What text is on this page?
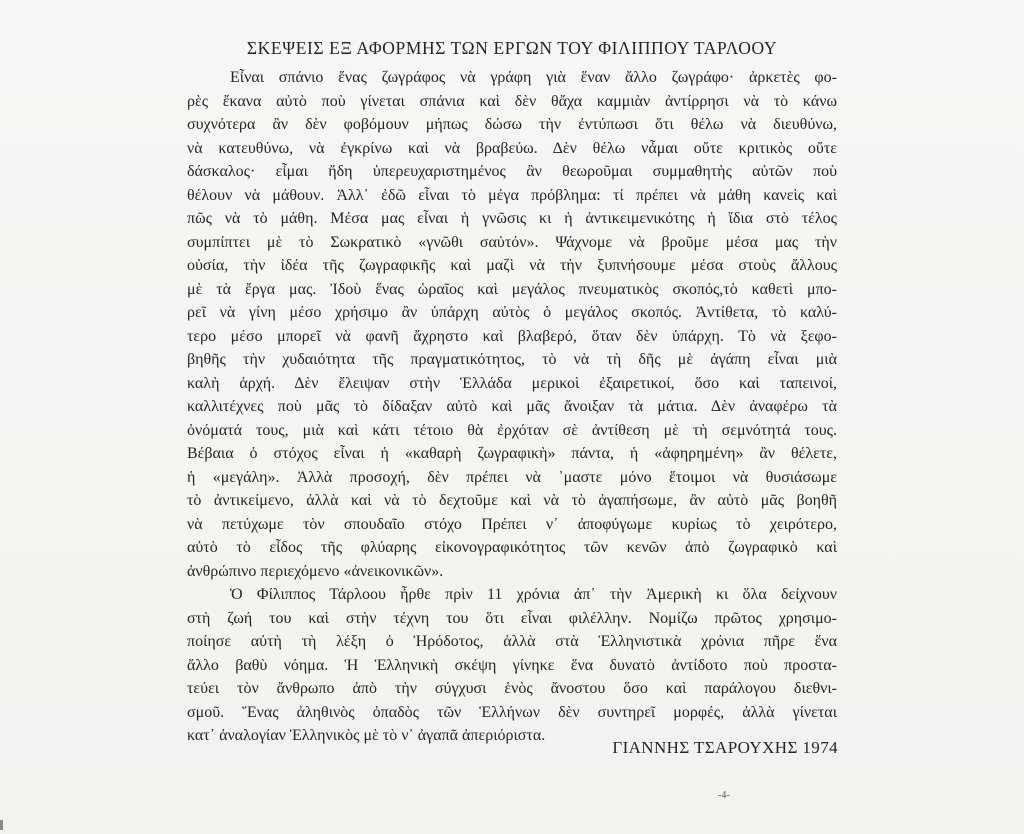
ΣΚΕΨΕΙΣ ΕΞ ΑΦΟΡΜΗΣ ΤΩΝ ΕΡΓΩΝ ΤΟΥ ΦΙΛΙΠΠΟΥ ΤΑΡΛΟΟΥ
Εἶναι σπάνιο ἕνας ζωγράφος νὰ γράφη γιὰ ἕναν ἄλλο ζωγράφο· ἀρκετὲς φο-
ρὲς ἔκανα αὐτὸ ποὺ γίνεται σπάνια καὶ δὲν θἄχα καμμιὰν ἀντίρρησι νὰ τὸ κάνω
συχνότερα ἂν δὲν φοβόμουν μήπως δώσω τὴν ἐντύπωσι ὅτι θέλω νὰ διευθύνω,
νὰ κατευθύνω, νὰ ἐγκρίνω καὶ νὰ βραβεύω. Δὲν θέλω νἆμαι οὔτε κριτικὸς οὔτε
δάσκαλος· εἶμαι ἤδη ὑπερευχαριστημένος ἂν θεωροῦμαι συμμαθητὴς αὐτῶν ποὺ
θέλουν νὰ μάθουν. Ἀλλ᾿ ἐδῶ εἶναι τὸ μέγα πρόβλημα: τί πρέπει νὰ μάθη κανεὶς καὶ
πῶς νὰ τὸ μάθη. Μέσα μας εἶναι ἡ γνῶσις κι ἡ ἀντικειμενικότης ἡ ἴδια στὸ τέλος
συμπίπτει μὲ τὸ Σωκρατικὸ «γνῶθι σαὐτόν». Ψάχνομε νὰ βροῦμε μέσα μας τὴν
οὐσία, τὴν ἰδέα τῆς ζωγραφικῆς καὶ μαζὶ νὰ τὴν ξυπνήσουμε μέσα στοὺς ἄλλους
μὲ τὰ ἔργα μας. Ἰδοὺ ἕνας ὡραῖος καὶ μεγάλος πνευματικὸς σκοπός,τὸ καθετὶ μπο-
ρεῖ νὰ γίνη μέσο χρήσιμο ἂν ὑπάρχη αὐτὸς ὁ μεγάλος σκοπός. Ἀντίθετα, τὸ καλύ-
τερο μέσο μπορεῖ νὰ φανῆ ἄχρηστο καὶ βλαβερό, ὅταν δὲν ὑπάρχη. Τὸ νὰ ξεφο-
βηθῆς τὴν χυδαιότητα τῆς πραγματικότητος, τὸ νὰ τὴ δῆς μὲ ἀγάπη εἶναι μιὰ
καλὴ ἀρχή. Δὲν ἔλειψαν στὴν Ἑλλάδα μερικοὶ ἐξαιρετικοί, ὅσο καὶ ταπεινοί,
καλλιτέχνες ποὺ μᾶς τὸ δίδαξαν αὐτὸ καὶ μᾶς ἄνοιξαν τὰ μάτια. Δὲν ἀναφέρω τὰ
ὀνόματά τους, μιὰ καὶ κάτι τέτοιο θὰ ἐρχόταν σὲ ἀντίθεση μὲ τὴ σεμνότητά τους.
Βέβαια ὁ στόχος εἶναι ἡ «καθαρὴ ζωγραφικὴ» πάντα, ἡ «ἀφηρημένη» ἂν θέλετε,
ἡ «μεγάλη». Ἀλλὰ προσοχή, δὲν πρέπει νὰ ᾿μαστε μόνο ἕτοιμοι νὰ θυσιάσωμε
τὸ ἀντικείμενο, ἀλλὰ καὶ νὰ τὸ δεχτοῦμε καὶ νὰ τὸ ἀγαπήσωμε, ἂν αὐτὸ μᾶς βοηθῆ
νὰ πετύχωμε τὸν σπουδαῖο στόχο Πρέπει ν᾿ ἀποφύγωμε κυρίως τὸ χειρότερο,
αὐτὸ τὸ εἶδος τῆς φλύαρης εἰκονογραφικότητος τῶν κενῶν ἀπὸ ζωγραφικὸ καὶ
ἀνθρώπινο περιεχόμενο «ἀνεικονικῶν».
Ὁ Φίλιππος Τάρλοου ἦρθε πρὶν 11 χρόνια ἀπ᾿ τὴν Ἀμερικὴ κι ὅλα δείχνουν
στὴ ζωή του καὶ στὴν τέχνη του ὅτι εἶναι φιλέλλην. Νομίζω πρῶτος χρησιμο-
ποίησε αὐτὴ τὴ λέξη ὁ Ἡρόδοτος, ἀλλὰ στὰ Ἑλληνιστικὰ χρόνια πῆρε ἕνα
ἄλλο βαθὺ νόημα. Ἡ Ἑλληνικὴ σκέψη γίνηκε ἕνα δυνατὸ ἀντίδοτο ποὺ προστα-
τεύει τὸν ἄνθρωπο ἀπὸ τὴν σύγχυσι ἑνὸς ἄνοστου ὅσο καὶ παράλογου διεθνι-
σμοῦ. Ἕνας ἀληθινὸς ὀπαδὸς τῶν Ἑλλήνων δὲν συντηρεῖ μορφές, ἀλλὰ γίνεται
κατ᾿ ἀναλογίαν Ἑλληνικὸς μὲ τὸ ν᾿ ἀγαπᾶ ἀπεριόριστα.
ΓΙΑΝΝΗΣ ΤΣΑΡΟΥΧΗΣ 1974
-4-
